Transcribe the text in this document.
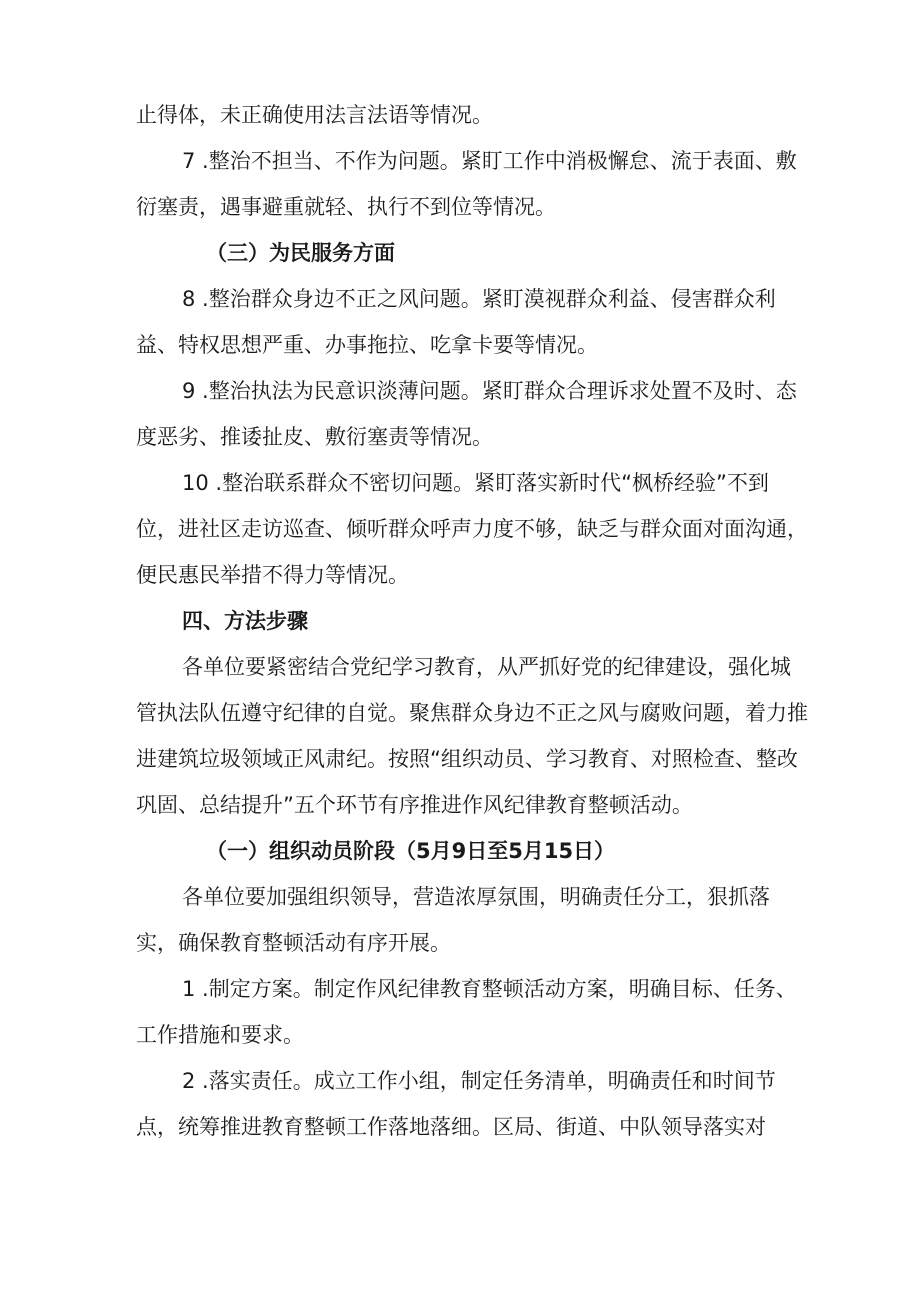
止得体，未正确使用法言法语等情况。

7 .整治不担当、不作为问题。紧盯工作中消极懈怠、流于表面、敷衍塞责，遇事避重就轻、执行不到位等情况。

（三）为民服务方面

8 .整治群众身边不正之风问题。紧盯漠视群众利益、侵害群众利益、特权思想严重、办事拖拉、吃拿卡要等情况。

9 .整治执法为民意识淡薄问题。紧盯群众合理诉求处置不及时、态度恶劣、推诿扯皮、敷衍塞责等情况。

10 .整治联系群众不密切问题。紧盯落实新时代“枫桥经验”不到位，进社区走访巡查、倾听群众呼声力度不够，缺乏与群众面对面沟通，便民惠民举措不得力等情况。

四、方法步骤

各单位要紧密结合党纪学习教育，从严抓好党的纪律建设，强化城管执法队伍遵守纪律的自觉。聚焦群众身边不正之风与腐败问题，着力推进建筑垃圾领域正风肃纪。按照“组织动员、学习教育、对照检查、整改巩固、总结提升”五个环节有序推进作风纪律教育整顿活动。

（一）组织动员阶段（5月9日至5月15日）

各单位要加强组织领导，营造浓厚氛围，明确责任分工，狠抓落实，确保教育整顿活动有序开展。

1 .制定方案。制定作风纪律教育整顿活动方案，明确目标、任务、工作措施和要求。

2 .落实责任。成立工作小组，制定任务清单，明确责任和时间节点，统筹推进教育整顿工作落地落细。区局、街道、中队领导落实对
